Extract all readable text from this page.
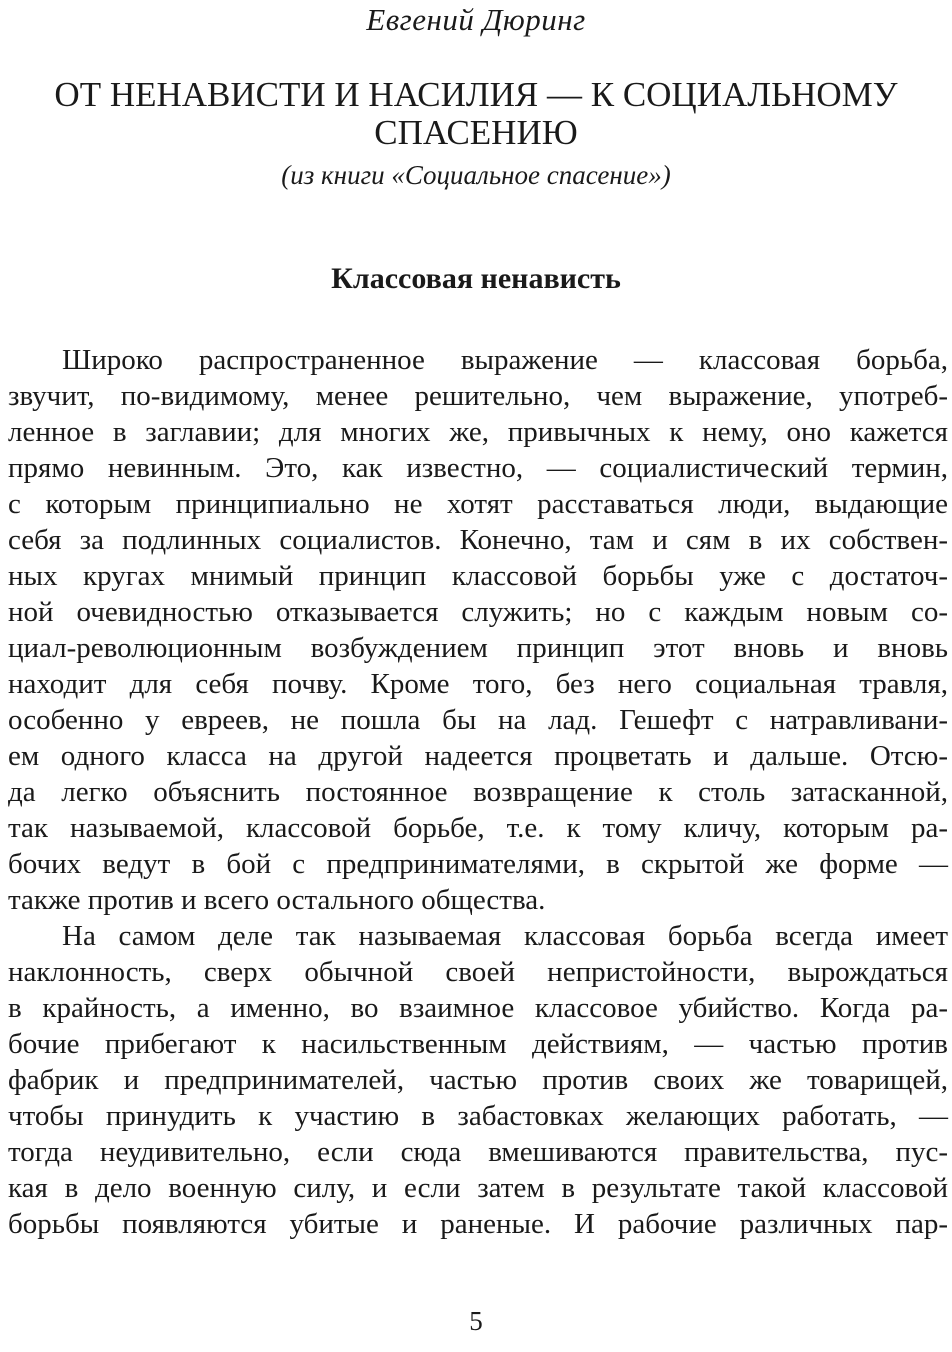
Евгений Дюринг
ОТ НЕНАВИСТИ И НАСИЛИЯ — К СОЦИАЛЬНОМУ
СПАСЕНИЮ

(из книги «Социальное спасение»)

Классовая ненависть
Широко распространенное выражение — классовая борьба,
звучит, по-видимому, менее решительно, чем выражение, употреб-
ленное в заглавии; для многих же, привычных к нему, оно кажется
прямо невинным. Это, как известно, — социалистический термин,
с которым принципиально не хотят расставаться люди, выдающие
себя за подлинных социалистов. Конечно, там и сям в их собствен-
ных кругах мнимый принцип классовой борьбы уже с достаточ-
ной очевидностью отказывается служить; но с каждым новым со-
циал-революционным возбуждением принцип этот вновь и вновь
находит для себя почву. Кроме того, без него социальная травля,
особенно у евреев, не пошла бы на лад. Гешефт с натравливани-
ем одного класса на другой надеется процветать и дальше. Отсю-
да легко объяснить постоянное возвращение к столь затасканной,
так называемой, классовой борьбе, т.е. к тому кличу, которым ра-
бочих ведут в бой с предпринимателями, в скрытой же форме —
также против и всего остального общества.
На самом деле так называемая классовая борьба всегда имеет
наклонность, сверх обычной своей непристойности, вырождаться
в крайность, а именно, во взаимное классовое убийство. Когда ра-
бочие прибегают к насильственным действиям, — частью против
фабрик и предпринимателей, частью против своих же товарищей,
чтобы принудить к участию в забастовках желающих работать, —
тогда неудивительно, если сюда вмешиваются правительства, пус-
кая в дело военную силу, и если затем в результате такой классовой
борьбы появляются убитые и раненые. И рабочие различных пар-
5
